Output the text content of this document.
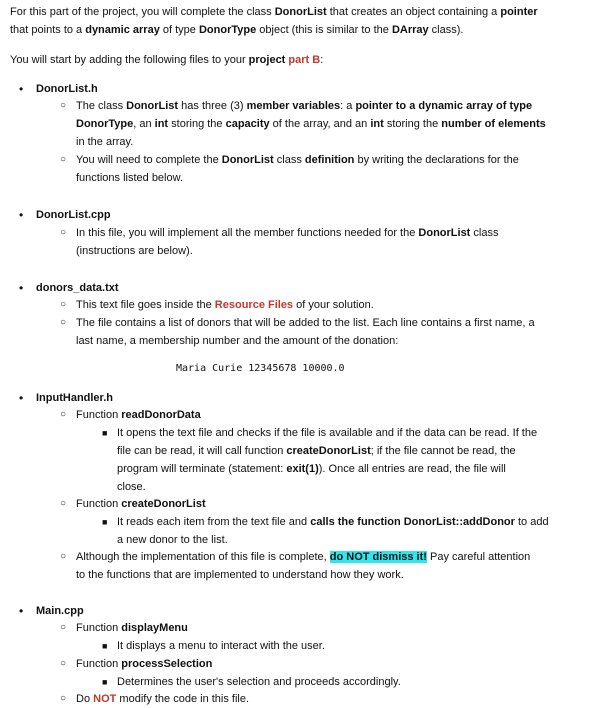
For this part of the project, you will complete the class DonorList that creates an object containing a pointer
that points to a dynamic array of type DonorType object (this is similar to the DArray class).
You will start by adding the following files to your project part B:
• DonorList.h
○ The class DonorList has three (3) member variables: a pointer to a dynamic array of type
DonorType, an int storing the capacity of the array, and an int storing the number of elements
in the array.
○ You will need to complete the DonorList class definition by writing the declarations for the
functions listed below.
• DonorList.cpp
○ In this file, you will implement all the member functions needed for the DonorList class
(instructions are below).
• donors_data.txt
○ This text file goes inside the Resource Files of your solution.
○ The file contains a list of donors that will be added to the list. Each line contains a first name, a
last name, a membership number and the amount of the donation:
Maria Curie 12345678 10000.0
• InputHandler.h
○ Function readDonorData
■ It opens the text file and checks if the file is available and if the data can be read. If the
file can be read, it will call function createDonorList; if the file cannot be read, the
program will terminate (statement: exit(1)). Once all entries are read, the file will
close.
○ Function createDonorList
■ It reads each item from the text file and calls the function DonorList::addDonor to add
a new donor to the list.
○ Although the implementation of this file is complete, do NOT dismiss it! Pay careful attention
to the functions that are implemented to understand how they work.
• Main.cpp
○ Function displayMenu
■ It displays a menu to interact with the user.
○ Function processSelection
■ Determines the user's selection and proceeds accordingly.
○ Do NOT modify the code in this file.
